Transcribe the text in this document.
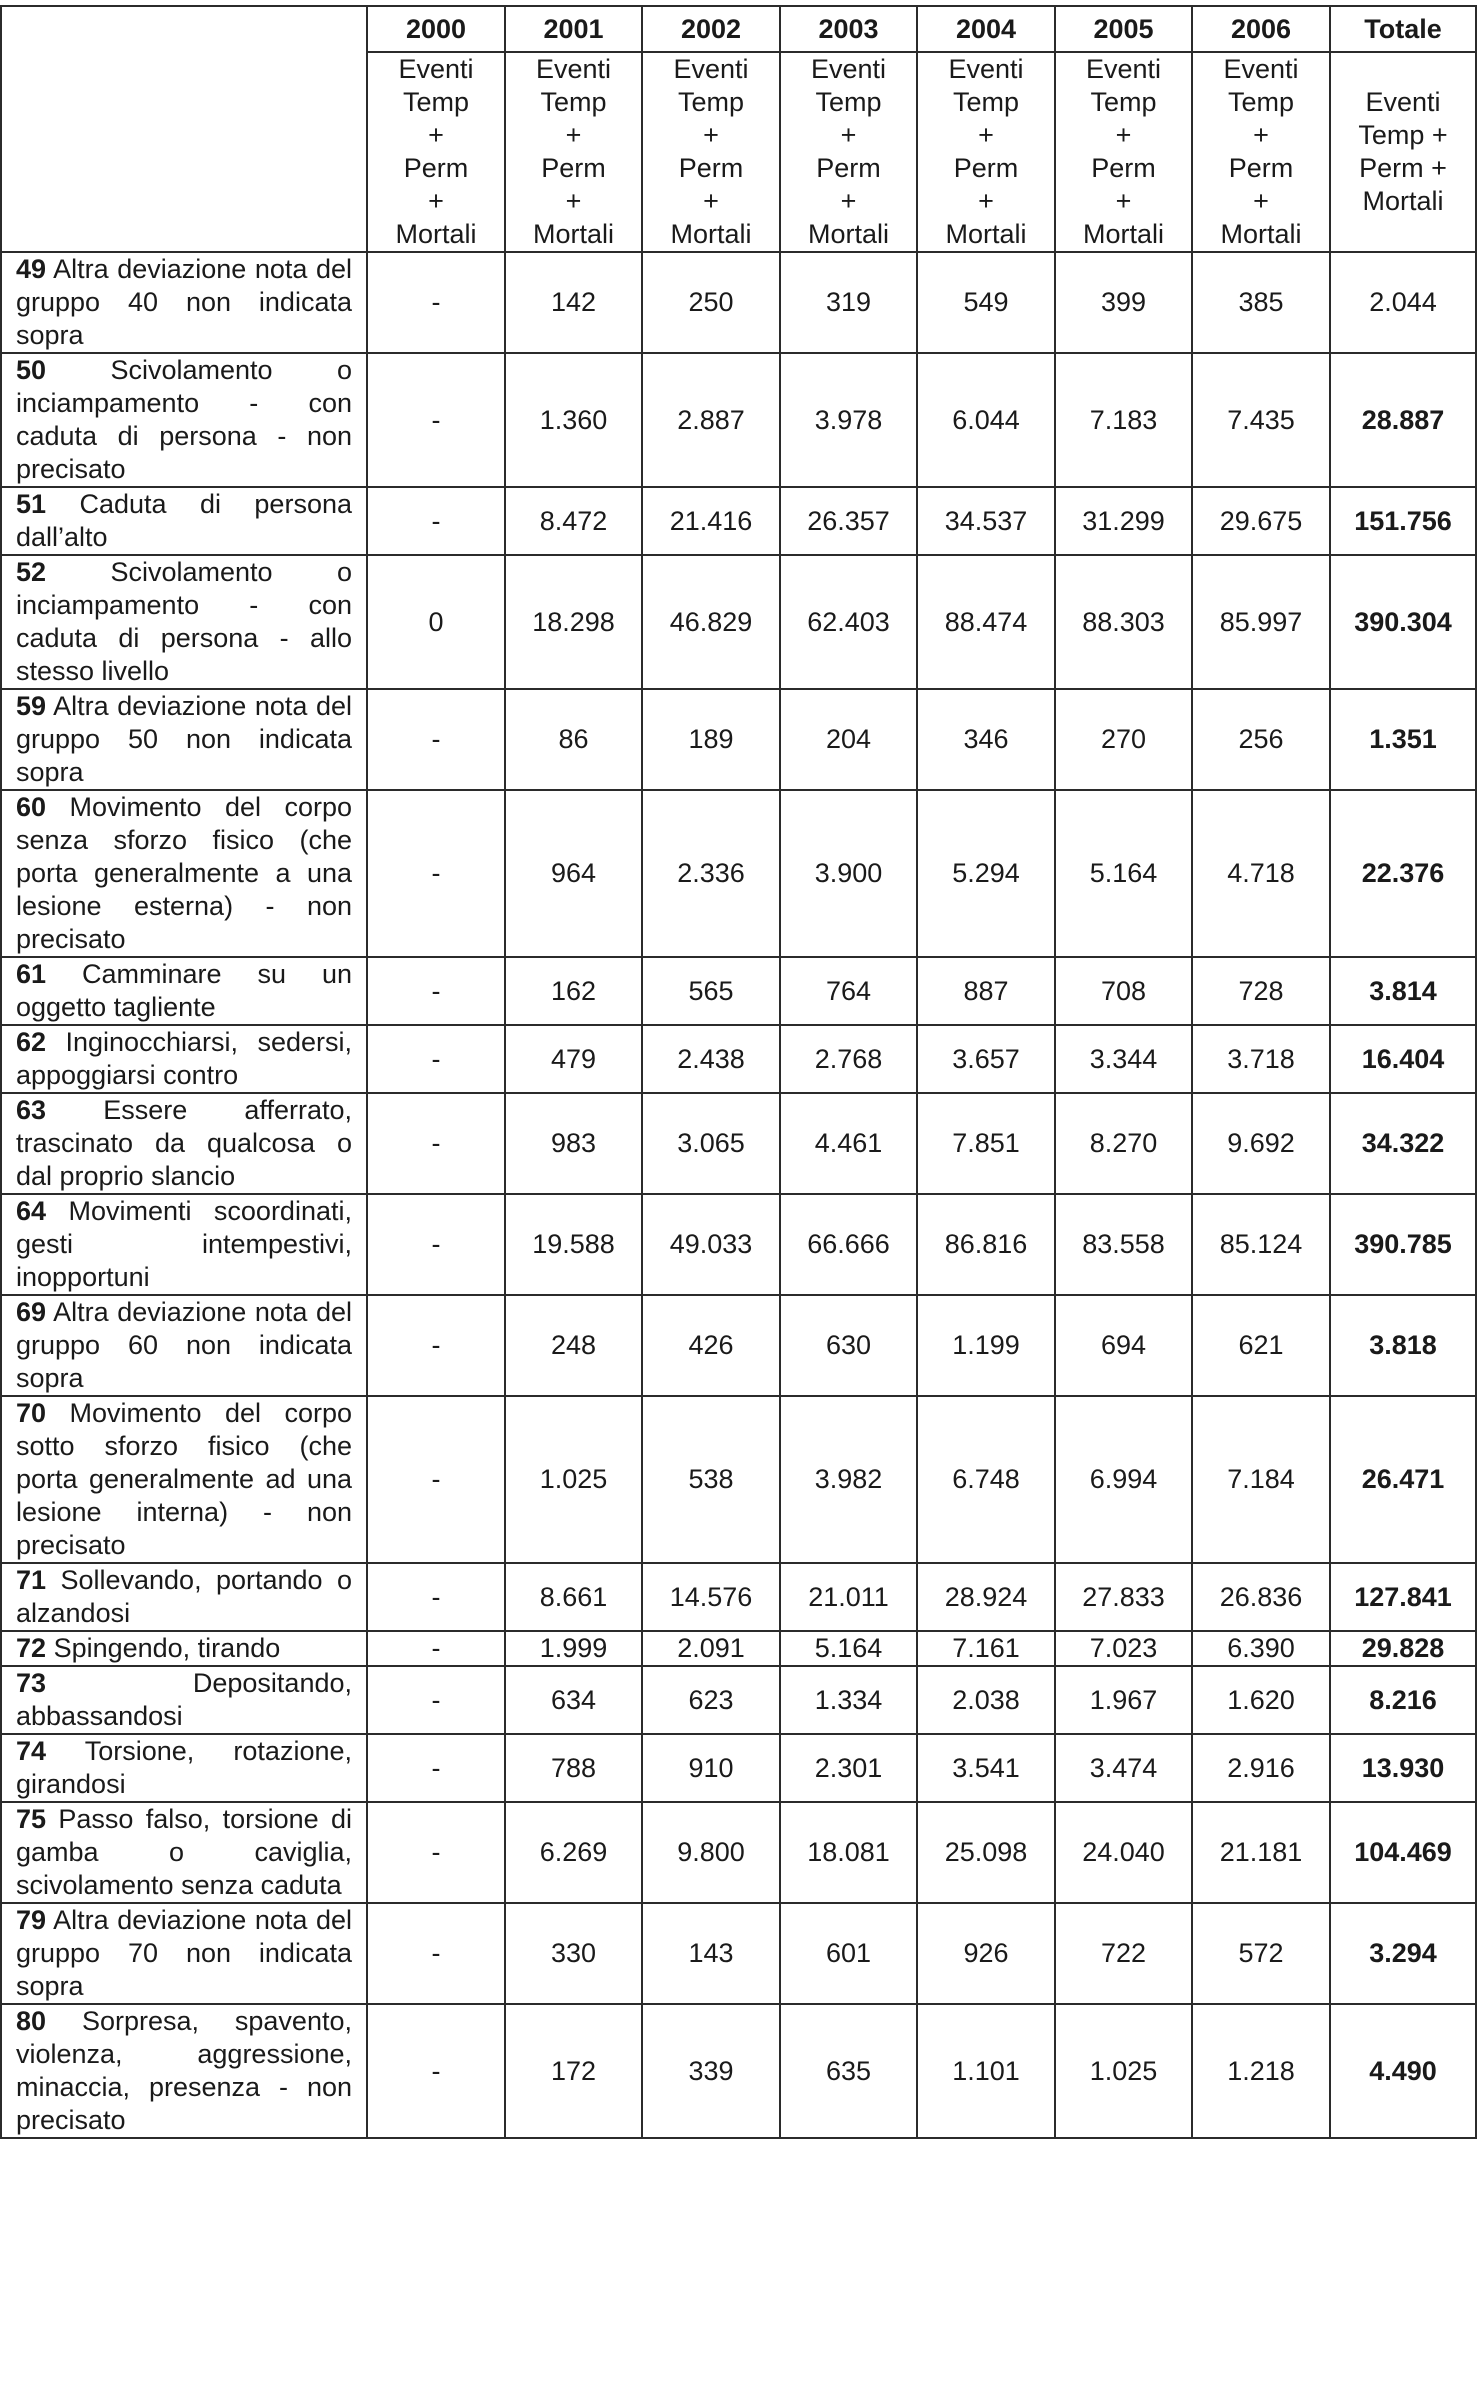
	2000	2001	2002	2003	2004	2005	2006	Totale
	Eventi Temp + Perm + Mortali	Eventi Temp + Perm + Mortali	Eventi Temp + Perm + Mortali	Eventi Temp + Perm + Mortali	Eventi Temp + Perm + Mortali	Eventi Temp + Perm + Mortali	Eventi Temp + Perm + Mortali	Eventi Temp + Perm + Mortali
49 Altra deviazione nota del gruppo 40 non indicata sopra	-	142	250	319	549	399	385	2.044
50 Scivolamento o inciampamento - con caduta di persona - non precisato	-	1.360	2.887	3.978	6.044	7.183	7.435	28.887
51 Caduta di persona dall’alto	-	8.472	21.416	26.357	34.537	31.299	29.675	151.756
52 Scivolamento o inciampamento - con caduta di persona - allo stesso livello	0	18.298	46.829	62.403	88.474	88.303	85.997	390.304
59 Altra deviazione nota del gruppo 50 non indicata sopra	-	86	189	204	346	270	256	1.351
60 Movimento del corpo senza sforzo fisico (che porta generalmente a una lesione esterna) - non precisato	-	964	2.336	3.900	5.294	5.164	4.718	22.376
61 Camminare su un oggetto tagliente	-	162	565	764	887	708	728	3.814
62 Inginocchiarsi, sedersi, appoggiarsi contro	-	479	2.438	2.768	3.657	3.344	3.718	16.404
63 Essere afferrato, trascinato da qualcosa o dal proprio slancio	-	983	3.065	4.461	7.851	8.270	9.692	34.322
64 Movimenti scoordinati, gesti intempestivi, inopportuni	-	19.588	49.033	66.666	86.816	83.558	85.124	390.785
69 Altra deviazione nota del gruppo 60 non indicata sopra	-	248	426	630	1.199	694	621	3.818
70 Movimento del corpo sotto sforzo fisico (che porta generalmente ad una lesione interna) - non precisato	-	1.025	538	3.982	6.748	6.994	7.184	26.471
71 Sollevando, portando o alzandosi	-	8.661	14.576	21.011	28.924	27.833	26.836	127.841
72 Spingendo, tirando	-	1.999	2.091	5.164	7.161	7.023	6.390	29.828
73 Depositando, abbassandosi	-	634	623	1.334	2.038	1.967	1.620	8.216
74 Torsione, rotazione, girandosi	-	788	910	2.301	3.541	3.474	2.916	13.930
75 Passo falso, torsione di gamba o caviglia, scivolamento senza caduta	-	6.269	9.800	18.081	25.098	24.040	21.181	104.469
79 Altra deviazione nota del gruppo 70 non indicata sopra	-	330	143	601	926	722	572	3.294
80 Sorpresa, spavento, violenza, aggressione, minaccia, presenza - non precisato	-	172	339	635	1.101	1.025	1.218	4.490
